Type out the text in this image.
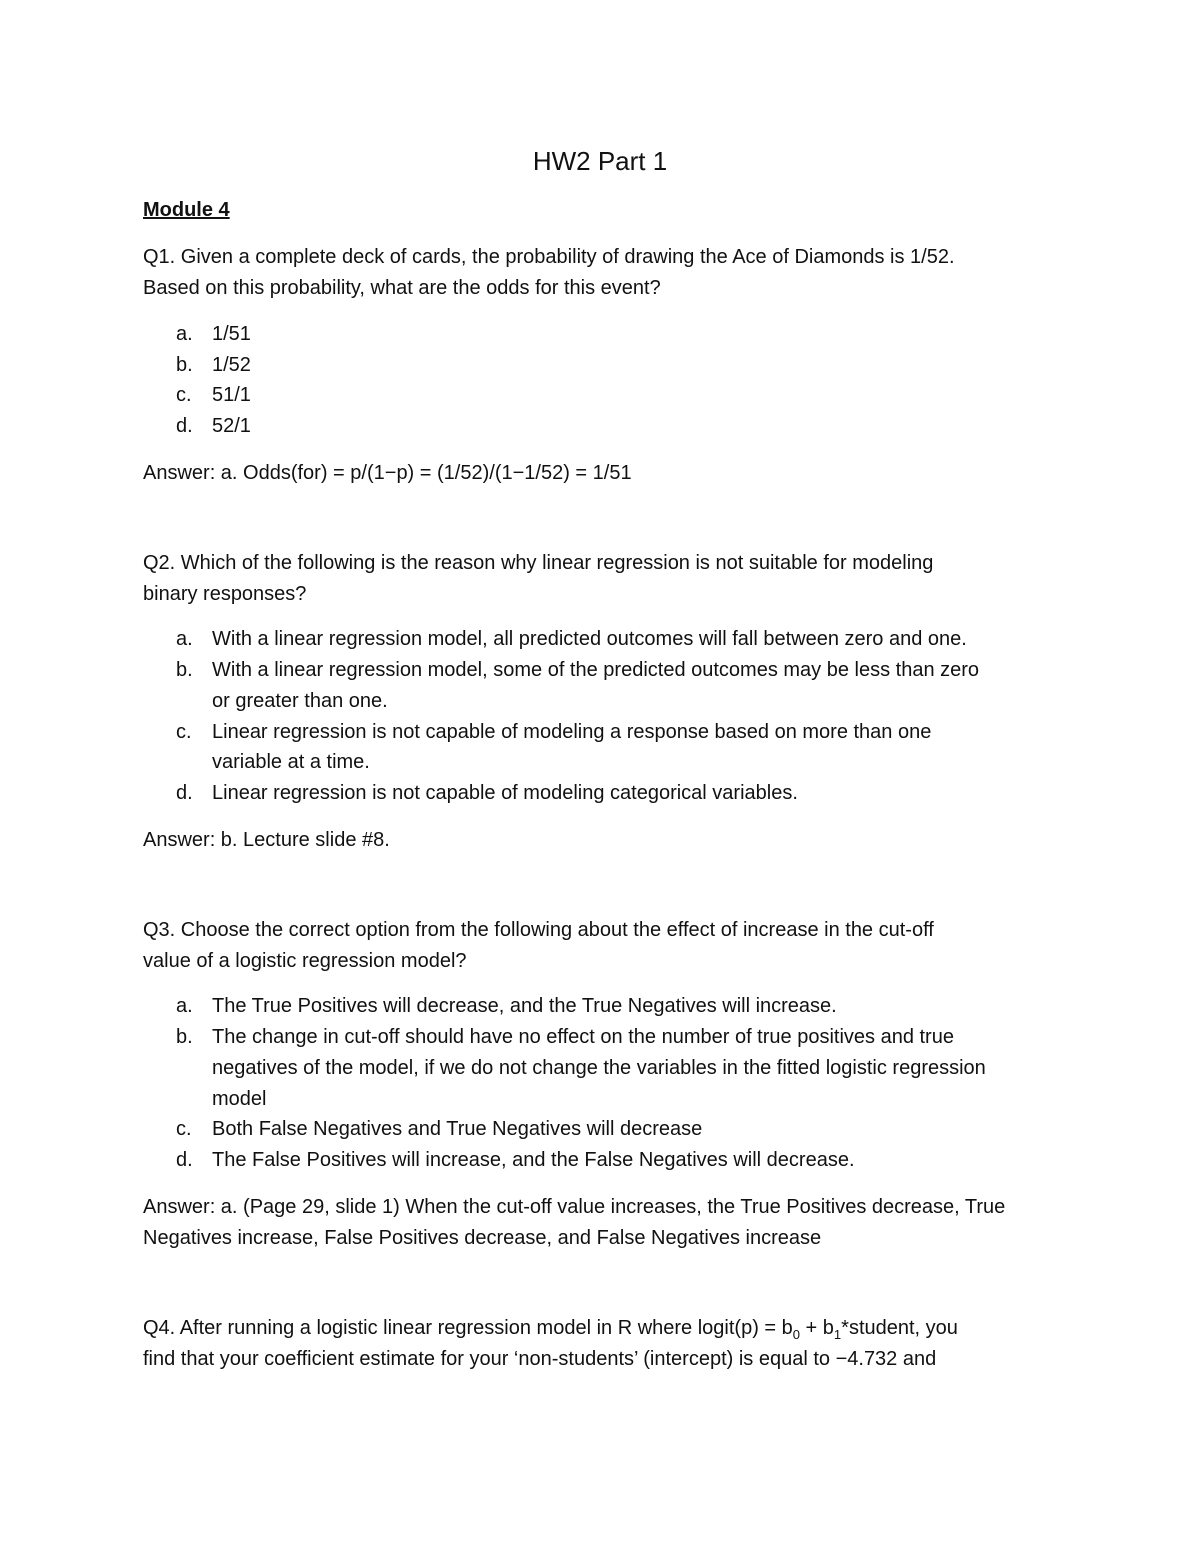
HW2 Part 1

Module 4

Q1. Given a complete deck of cards, the probability of drawing the Ace of Diamonds is 1/52.

Based on this probability, what are the odds for this event?

a. 1/51
b. 1/52
c. 51/1
d. 52/1

Answer: a. Odds(for) = p/(1−p) = (1/52)/(1−1/52) = 1/51

Q2. Which of the following is the reason why linear regression is not suitable for modeling

binary responses?

a. With a linear regression model, all predicted outcomes will fall between zero and one.
b. With a linear regression model, some of the predicted outcomes may be less than zero
or greater than one.
c. Linear regression is not capable of modeling a response based on more than one
variable at a time.
d. Linear regression is not capable of modeling categorical variables.

Answer: b. Lecture slide #8.

Q3. Choose the correct option from the following about the effect of increase in the cut-off

value of a logistic regression model?

a. The True Positives will decrease, and the True Negatives will increase.
b. The change in cut-off should have no effect on the number of true positives and true
negatives of the model, if we do not change the variables in the fitted logistic regression
model
c. Both False Negatives and True Negatives will decrease
d. The False Positives will increase, and the False Negatives will decrease.

Answer: a. (Page 29, slide 1) When the cut-off value increases, the True Positives decrease, True

Negatives increase, False Positives decrease, and False Negatives increase

Q4. After running a logistic linear regression model in R where logit(p) = $b_0$ + $b_1*student$, you

find that your coefficient estimate for your ‘non-students’ (intercept) is equal to −4.732 and
